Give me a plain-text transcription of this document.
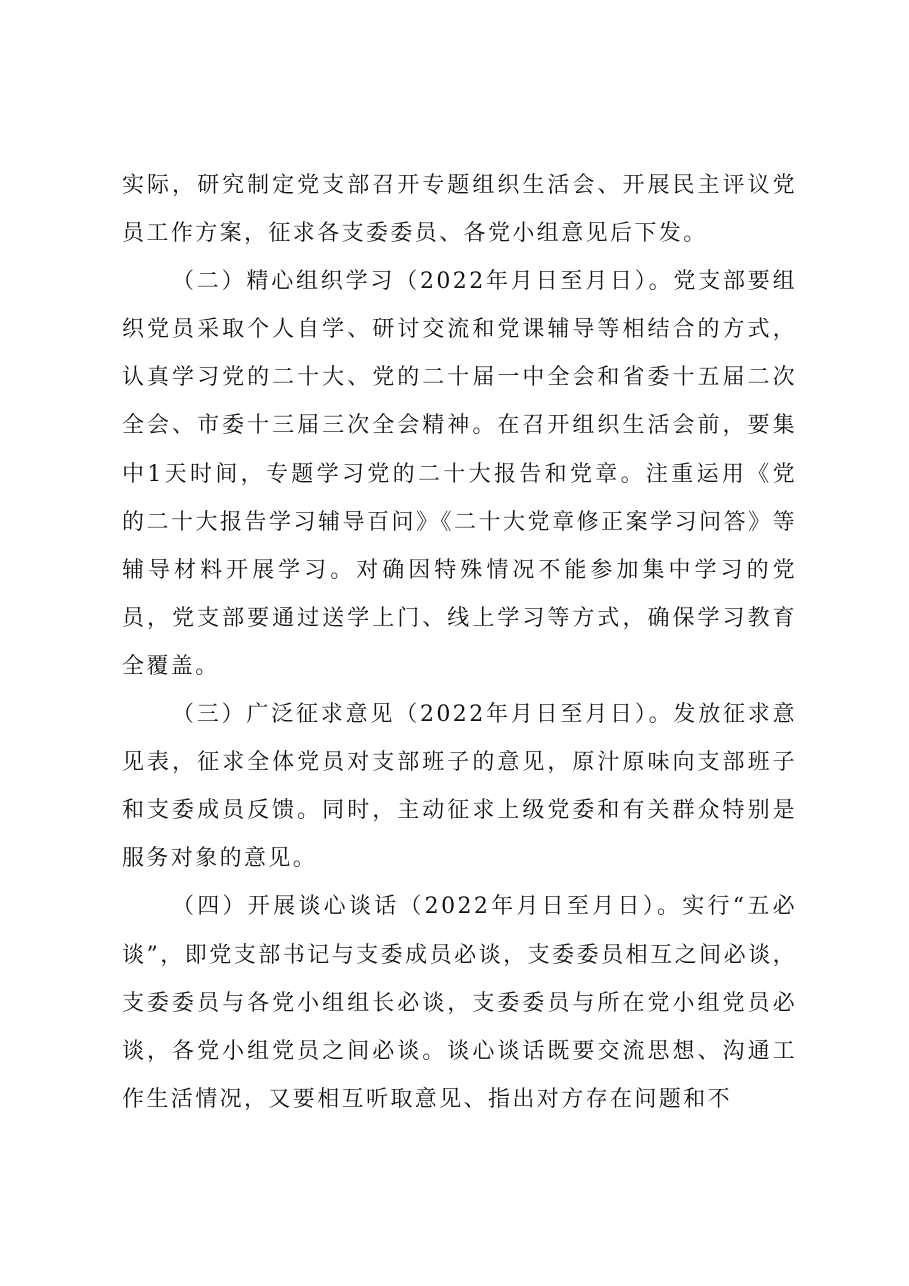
实际，研究制定党支部召开专题组织生活会、开展民主评议党员工作方案，征求各支委委员、各党小组意见后下发。

（二）精心组织学习（2022年月日至月日）。党支部要组织党员采取个人自学、研讨交流和党课辅导等相结合的方式，认真学习党的二十大、党的二十届一中全会和省委十五届二次全会、市委十三届三次全会精神。在召开组织生活会前，要集中1天时间，专题学习党的二十大报告和党章。注重运用《党的二十大报告学习辅导百问》《二十大党章修正案学习问答》等辅导材料开展学习。对确因特殊情况不能参加集中学习的党员，党支部要通过送学上门、线上学习等方式，确保学习教育全覆盖。

（三）广泛征求意见（2022年月日至月日）。发放征求意见表，征求全体党员对支部班子的意见，原汁原味向支部班子和支委成员反馈。同时，主动征求上级党委和有关群众特别是服务对象的意见。

（四）开展谈心谈话（2022年月日至月日）。实行“五必谈”，即党支部书记与支委成员必谈，支委委员相互之间必谈，支委委员与各党小组组长必谈，支委委员与所在党小组党员必谈，各党小组党员之间必谈。谈心谈话既要交流思想、沟通工作生活情况，又要相互听取意见、指出对方存在问题和不
